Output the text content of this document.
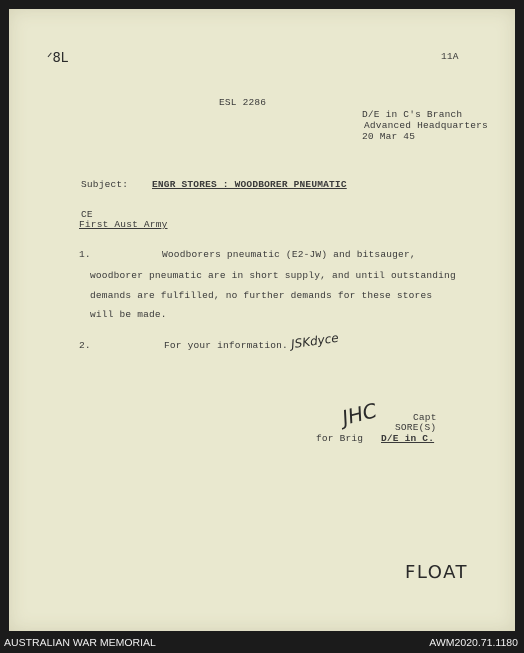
ᐟ8L	11A
ESL 2286
D/E in C's Branch
Advanced Headquarters
20 Mar 45
Subject:	ENGR STORES : WOODBORER PNEUMATIC
CE
First Aust Army
1.	Woodborers pneumatic (E2-JW) and bitsauger,
woodborer pneumatic are in short supply, and until outstanding
demands are fulfilled, no further demands for these stores
will be made.
2.	For your information. JSKdyce
JHC	Capt
SORE(S)
for Brig D/E in C.
FLOAT
AUSTRALIAN WAR MEMORIAL	AWM2020.71.1180
